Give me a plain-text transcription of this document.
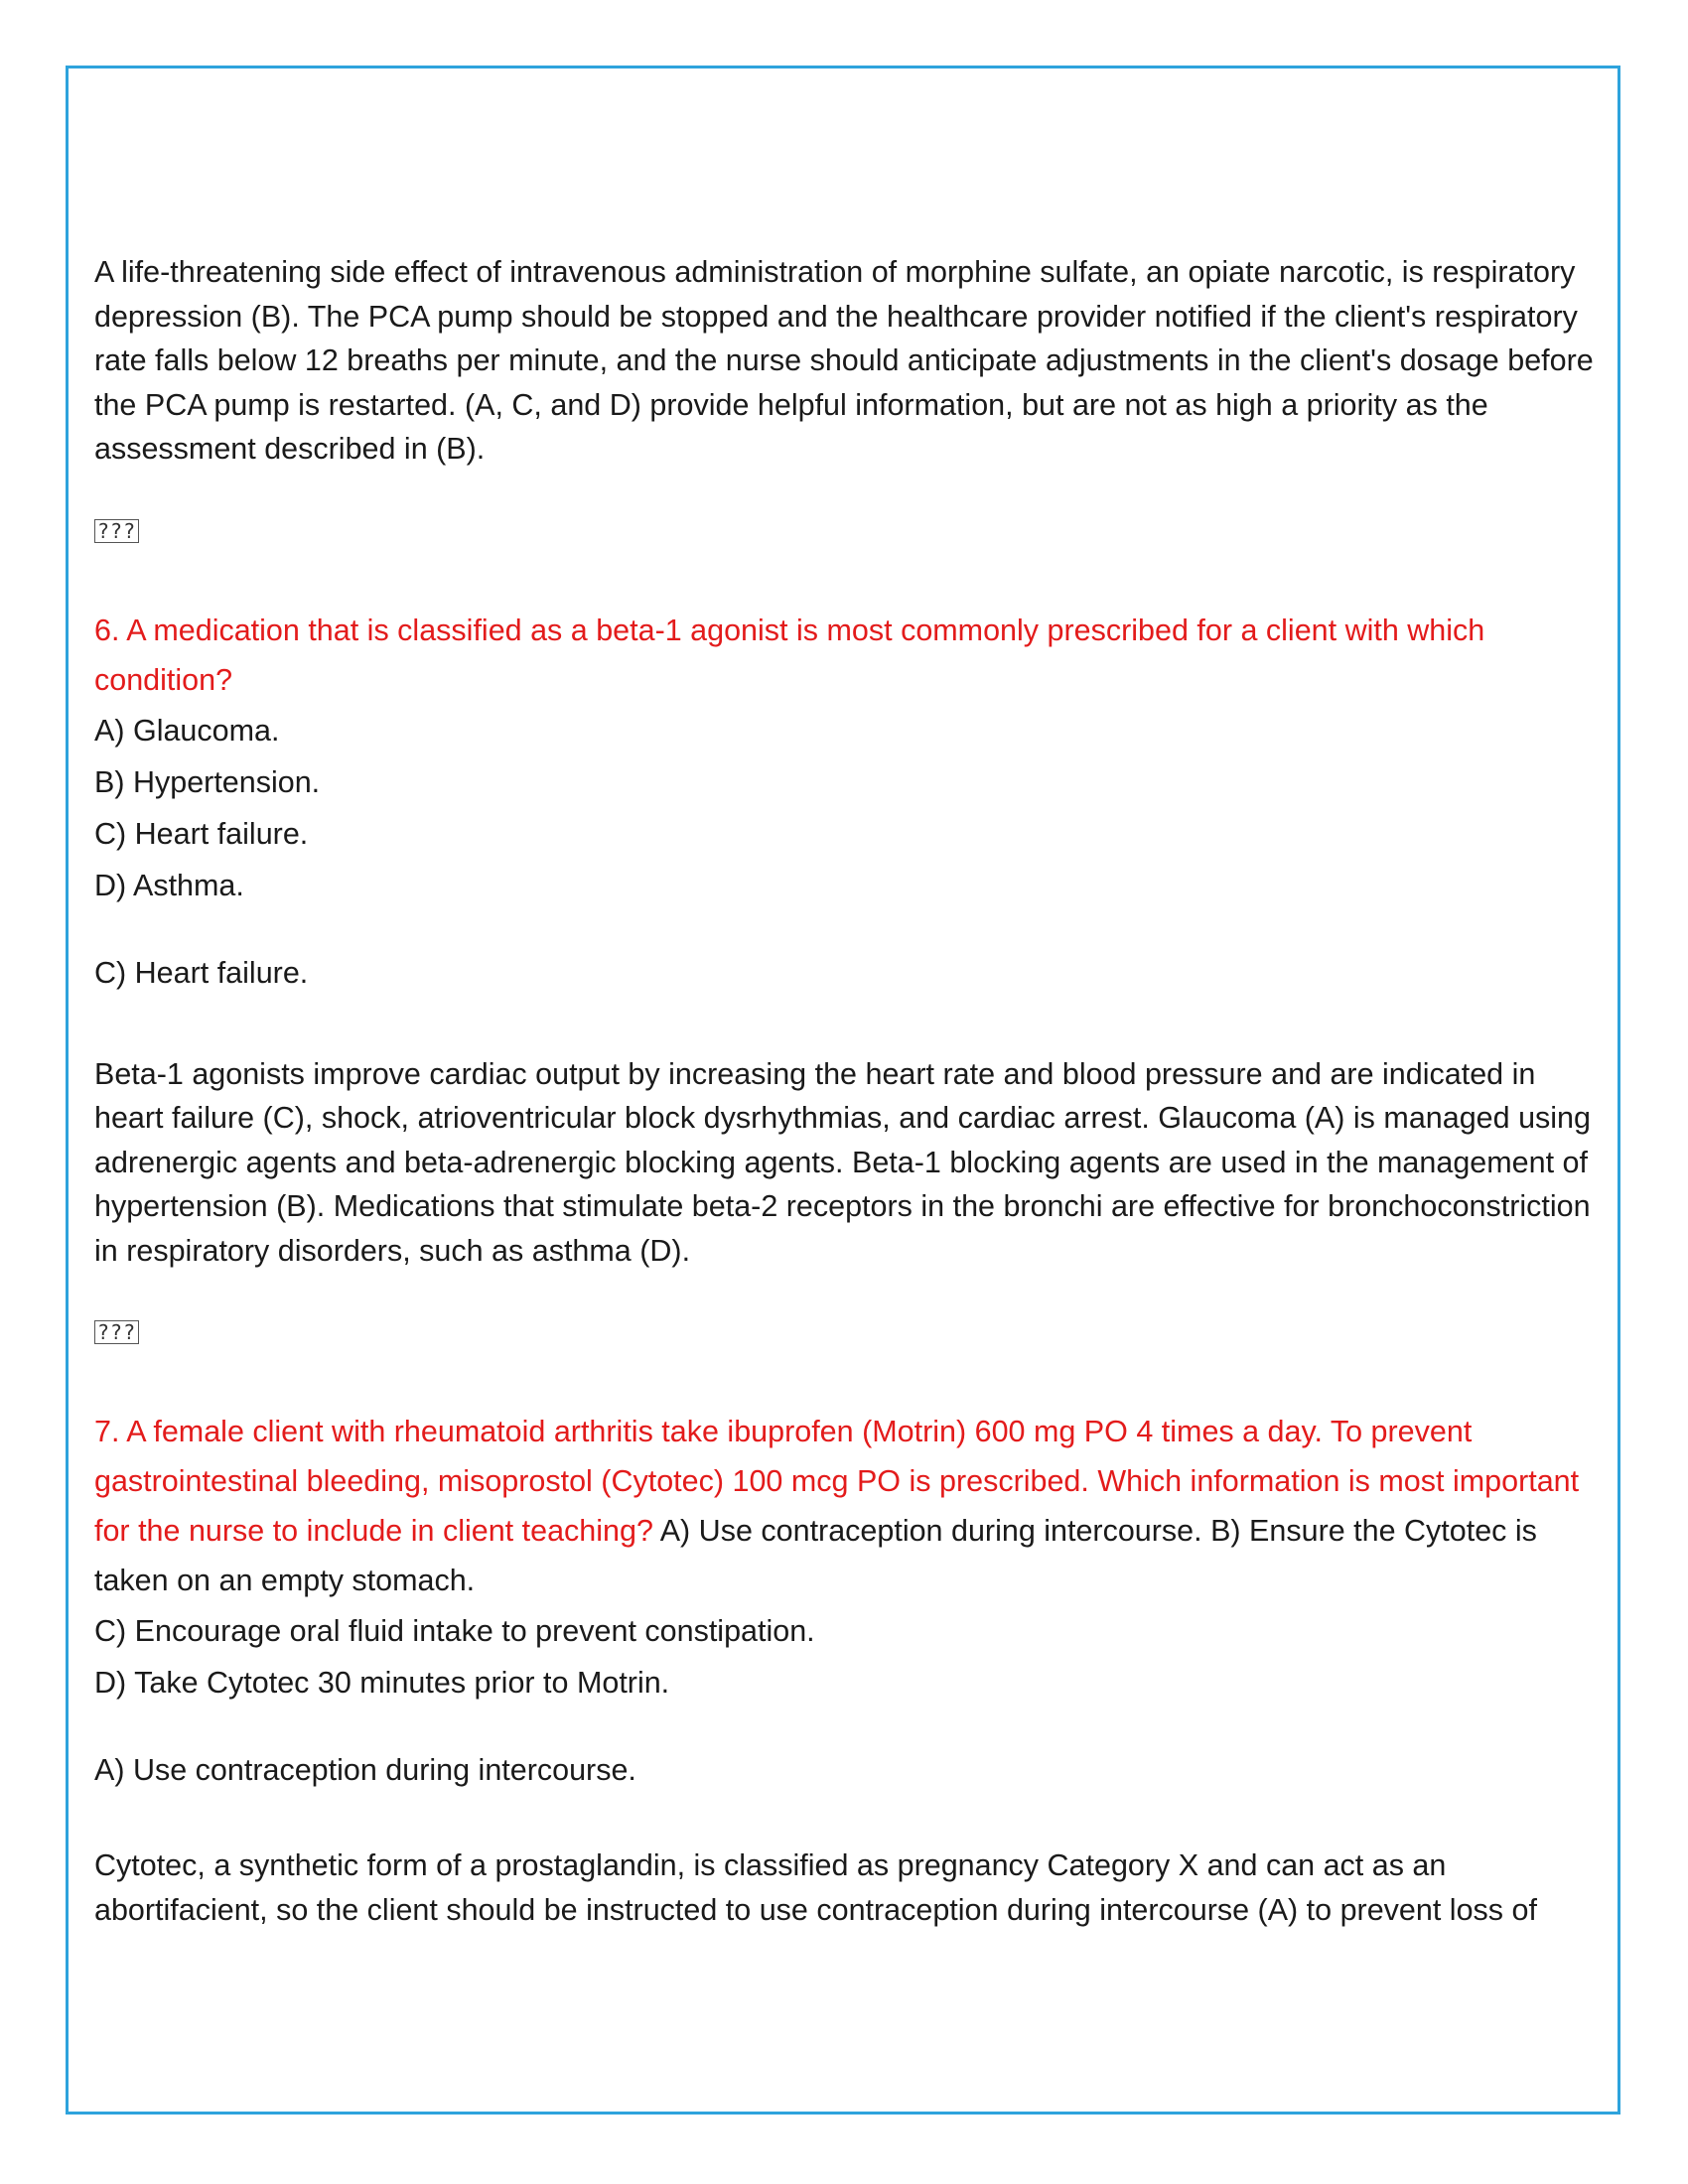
A life-threatening side effect of intravenous administration of morphine sulfate, an opiate narcotic, is respiratory depression (B). The PCA pump should be stopped and the healthcare provider notified if the client's respiratory rate falls below 12 breaths per minute, and the nurse should anticipate adjustments in the client's dosage before the PCA pump is restarted. (A, C, and D) provide helpful information, but are not as high a priority as the assessment described in (B).

???

6. A medication that is classified as a beta-1 agonist is most commonly prescribed for a client with which condition?

A) Glaucoma.

B) Hypertension.

C) Heart failure.

D) Asthma.

C) Heart failure.

Beta-1 agonists improve cardiac output by increasing the heart rate and blood pressure and are indicated in heart failure (C), shock, atrioventricular block dysrhythmias, and cardiac arrest. Glaucoma (A) is managed using adrenergic agents and beta-adrenergic blocking agents. Beta-1 blocking agents are used in the management of hypertension (B). Medications that stimulate beta-2 receptors in the bronchi are effective for bronchoconstriction in respiratory disorders, such as asthma (D).

???

7. A female client with rheumatoid arthritis take ibuprofen (Motrin) 600 mg PO 4 times a day. To prevent gastrointestinal bleeding, misoprostol (Cytotec) 100 mcg PO is prescribed. Which information is most important for the nurse to include in client teaching? A) Use contraception during intercourse. B) Ensure the Cytotec is taken on an empty stomach.

C) Encourage oral fluid intake to prevent constipation.

D) Take Cytotec 30 minutes prior to Motrin.

A) Use contraception during intercourse.

Cytotec, a synthetic form of a prostaglandin, is classified as pregnancy Category X and can act as an abortifacient, so the client should be instructed to use contraception during intercourse (A) to prevent loss of
